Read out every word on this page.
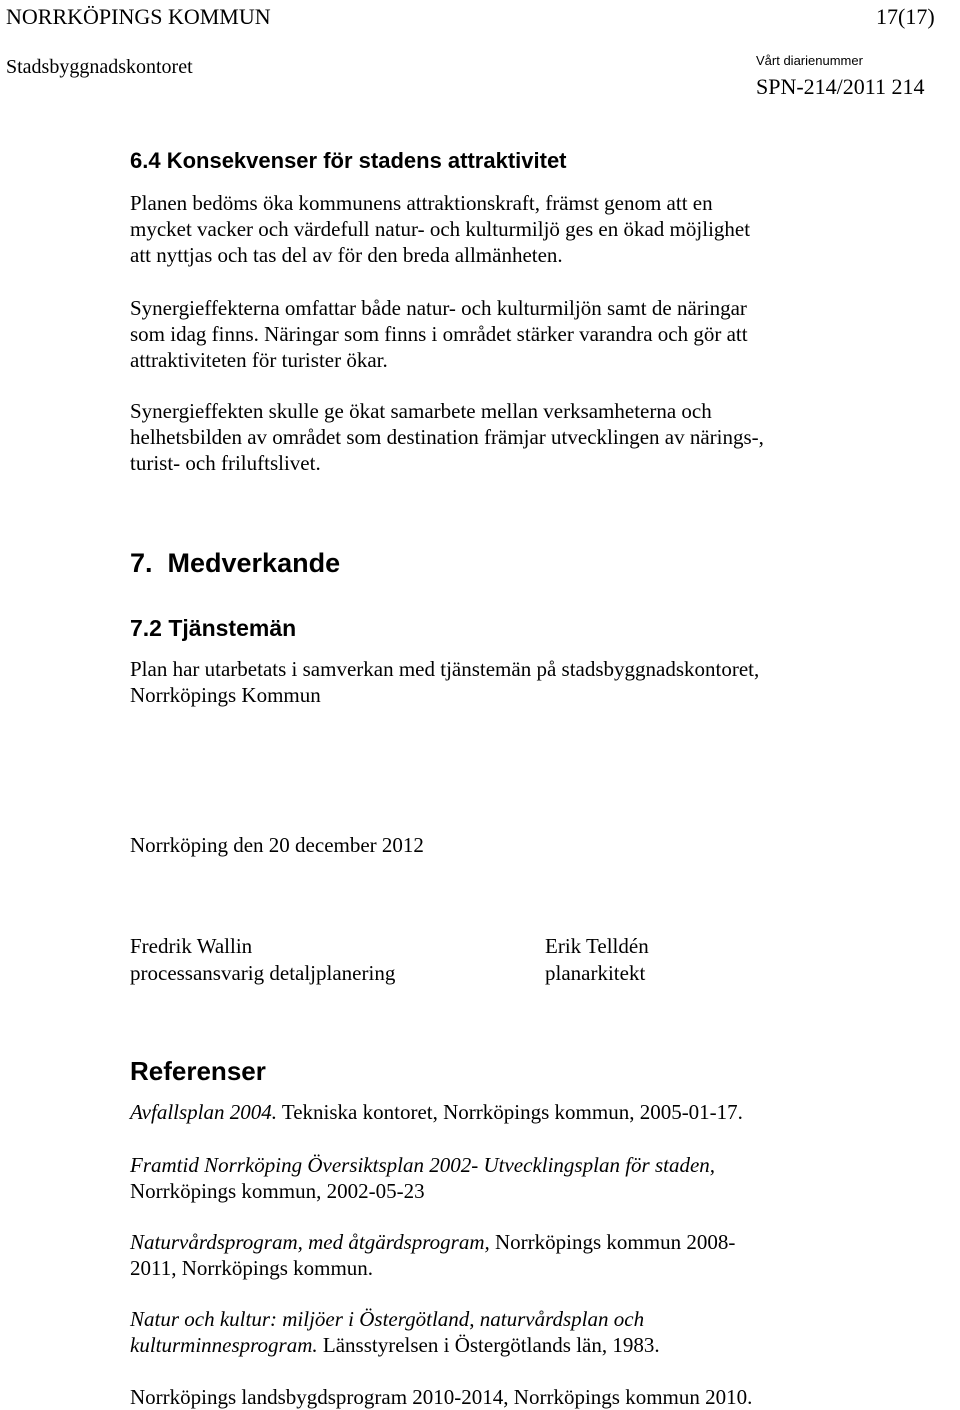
NORRKÖPINGS KOMMUN	17(17)
Stadsbyggnadskontoret	Vårt diarienummer
SPN-214/2011 214
6.4 Konsekvenser för stadens attraktivitet
Planen bedöms öka kommunens attraktionskraft, främst genom att en
mycket vacker och värdefull natur- och kulturmiljö ges en ökad möjlighet
att nyttjas och tas del av för den breda allmänheten.
Synergieffekterna omfattar både natur- och kulturmiljön samt de näringar
som idag finns. Näringar som finns i området stärker varandra och gör att
attraktiviteten för turister ökar.
Synergieffekten skulle ge ökat samarbete mellan verksamheterna och
helhetsbilden av området som destination främjar utvecklingen av närings-,
turist- och friluftslivet.
7.  Medverkande
7.2 Tjänstemän
Plan har utarbetats i samverkan med tjänstemän på stadsbyggnadskontoret,
Norrköpings Kommun
Norrköping den 20 december 2012
Fredrik Wallin
processansvarig detaljplanering
Erik Telldén
planarkitekt
Referenser
Avfallsplan 2004. Tekniska kontoret, Norrköpings kommun, 2005-01-17.
Framtid Norrköping Översiktsplan 2002- Utvecklingsplan för staden,
Norrköpings kommun, 2002-05-23
Naturvårdsprogram, med åtgärdsprogram, Norrköpings kommun 2008-
2011, Norrköpings kommun.
Natur och kultur: miljöer i Östergötland, naturvårdsplan och
kulturminnesprogram. Länsstyrelsen i Östergötlands län, 1983.
Norrköpings landsbygdsprogram 2010-2014, Norrköpings kommun 2010.
